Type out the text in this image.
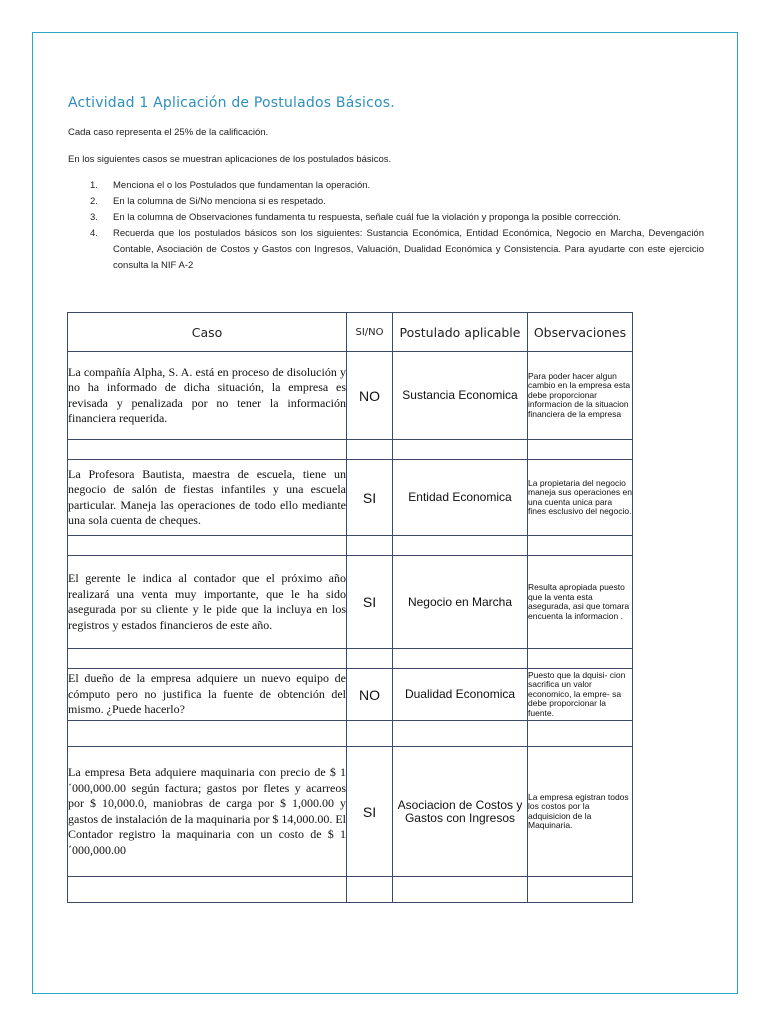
Actividad 1 Aplicación de Postulados Básicos.
Cada caso representa el 25% de la calificación.
En los siguientes casos se muestran aplicaciones de los postulados básicos.
1. Menciona el o los Postulados que fundamentan la operación.
2. En la columna de Si/No menciona si es respetado.
3. En la columna de Observaciones fundamenta tu respuesta, señale cuál fue la violación y proponga la posible corrección.
4. Recuerda que los postulados básicos son los siguientes: Sustancia Económica, Entidad Económica, Negocio en Marcha, Devengación Contable, Asociación de Costos y Gastos con Ingresos, Valuación, Dualidad Económica y Consistencia. Para ayudarte con este ejercicio consulta la NIF A-2
Caso	SI/NO	Postulado aplicable	Observaciones
La compañía Alpha, S. A. está en proceso de disolución y no ha informado de dicha situación, la empresa es revisada y penalizada por no tener la información financiera requerida.	NO	Sustancia Economica	Para poder hacer algun cambio en la empresa esta debe proporcionar informacion de la situacion financiera de la empresa

La Profesora Bautista, maestra de escuela, tiene un negocio de salón de fiestas infantiles y una escuela particular. Maneja las operaciones de todo ello mediante una sola cuenta de cheques.	SI	Entidad Economica	La propietaria del negocio maneja sus operaciones en una cuenta unica para fines esclusivo del negocio.

El gerente le indica al contador que el próximo año realizará una venta muy importante, que le ha sido asegurada por su cliente y le pide que la incluya en los registros y estados financieros de este año.	SI	Negocio en Marcha	Resulta apropiada puesto que la venta esta asegurada, asi que tomara encuenta la informacion .

El dueño de la empresa adquiere un nuevo equipo de cómputo pero no justifica la fuente de obtención del mismo. ¿Puede hacerlo?	NO	Dualidad Economica	Puesto que la dquisi- cion sacrifica un valor economico, la empre- sa debe proporcionar la fuente.

La empresa Beta adquiere maquinaria con precio de $ 1´000,000.00 según factura; gastos por fletes y acarreos por $ 10,000.0, maniobras de carga por $ 1,000.00 y gastos de instalación de la maquinaria por $ 14,000.00. El Contador registro la maquinaria con un costo de $ 1´000,000.00	SI	Asociacion de Costos y Gastos con Ingresos	La empresa egistran todos los costos por la adquisicion de la Maquinaria.
